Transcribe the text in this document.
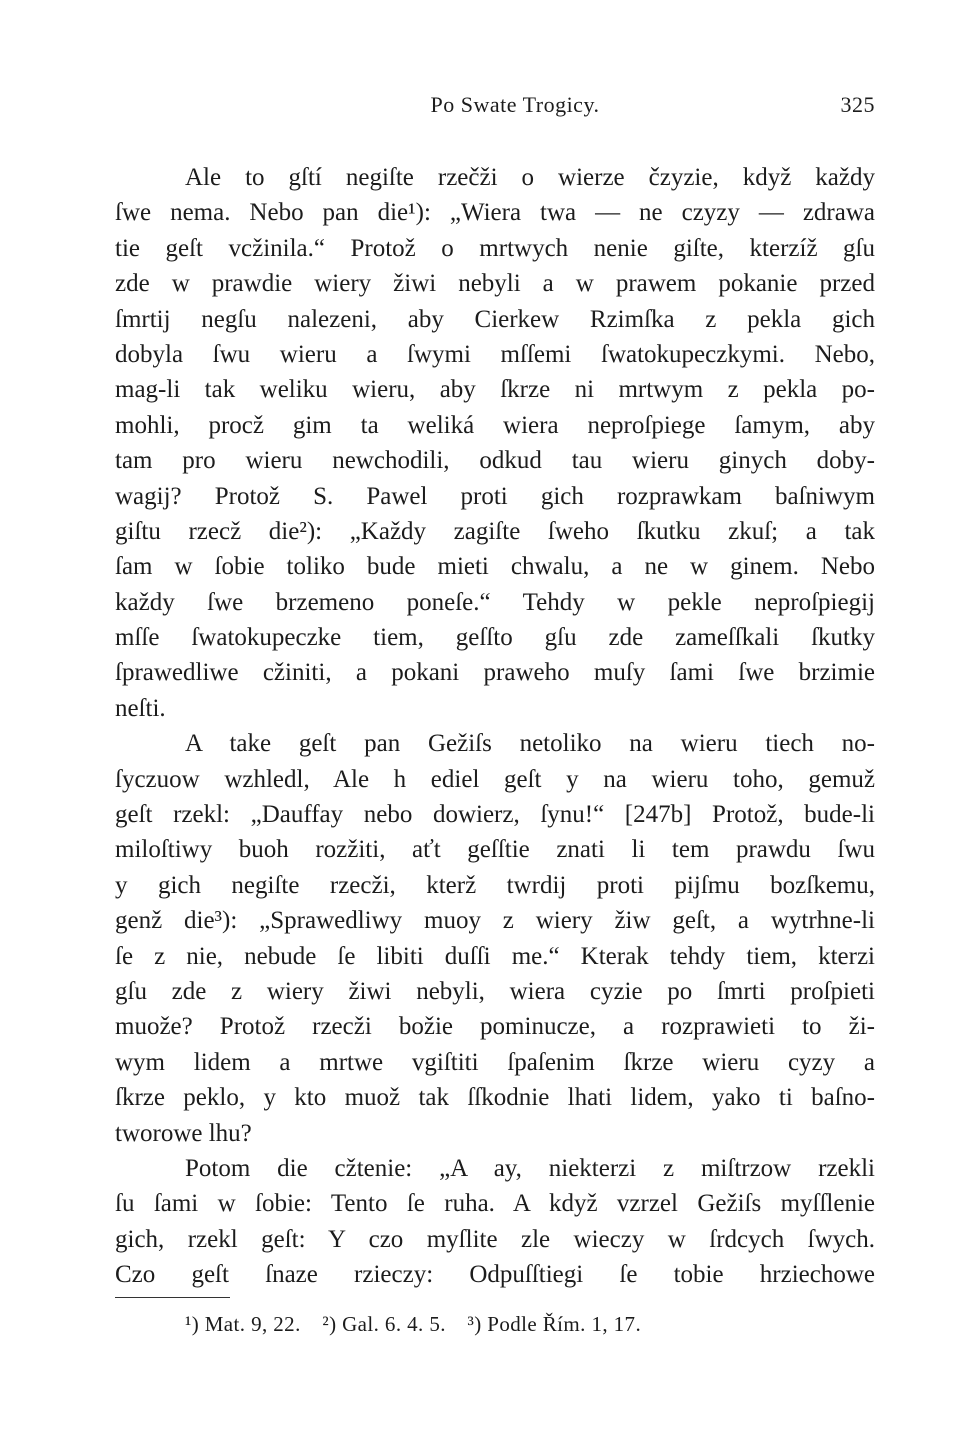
Po Swate Trogicy.	325
Ale to gſtí negiſte rzečži o wierze čzyzie, když každy
ſwe nema. Nebo pan die¹): „Wiera twa — ne czyzy — zdrawa
tie geſt vcžinila.“ Protož o mrtwych nenie giſte, kterzíž gſu
zde w prawdie wiery žiwi nebyli a w prawem pokanie przed
ſmrtij negſu nalezeni, aby Cierkew Rzimſka z pekla gich
dobyla ſwu wieru a ſwymi mſſemi ſwatokupeczkymi. Nebo,
mag-li tak weliku wieru, aby ſkrze ni mrtwym z pekla po-
mohli, procž gim ta weliká wiera neproſpiege ſamym, aby
tam pro wieru newchodili, odkud tau wieru ginych doby-
wagij? Protož S. Pawel proti gich rozprawkam baſniwym
giſtu rzecž die²): „Každy zagiſte ſweho ſkutku zkuſ; a tak
ſam w ſobie toliko bude mieti chwalu, a ne w ginem. Nebo
každy ſwe brzemeno poneſe.“ Tehdy w pekle neproſpiegij
mſſe ſwatokupeczke tiem, geſſto gſu zde zameſſkali ſkutky
ſprawedliwe cžiniti, a pokani praweho muſy ſami ſwe brzimie
neſti.
A take geſt pan Gežiſs netoliko na wieru tiech no-
ſyczuow wzhledl, Ale h ediel geſt y na wieru toho, gemuž
geſt rzekl: „Dauffay nebo dowierz, ſynu!“ [247b] Protož, bude-li
miloſtiwy buoh rozžiti, aťt geſſtie znati li tem prawdu ſwu
y gich negiſte rzecži, kterž twrdij proti pijſmu bozſkemu,
genž die³): „Sprawedliwy muoy z wiery žiw geſt, a wytrhne-li
ſe z nie, nebude ſe libiti duſſi me.“ Kterak tehdy tiem, kterzi
gſu zde z wiery žiwi nebyli, wiera cyzie po ſmrti proſpieti
muože? Protož rzecži božie pominucze, a rozprawieti to ži-
wym lidem a mrtwe vgiſtiti ſpaſenim ſkrze wieru cyzy a
ſkrze peklo, y kto muož tak ſſkodnie lhati lidem, yako ti baſno-
tworowe lhu?
Potom die cžtenie: „A ay, niekterzi z miſtrzow rzekli
ſu ſami w ſobie: Tento ſe ruha. A když vzrzel Gežiſs myſſlenie
gich, rzekl geſt: Y czo myſlite zle wieczy w ſrdcych ſwych.
Czo geſt ſnaze rzieczy: Odpuſſtiegi ſe tobie hrziechowe
¹) Mat. 9, 22. ²) Gal. 6. 4. 5. ³) Podle Řím. 1, 17.
